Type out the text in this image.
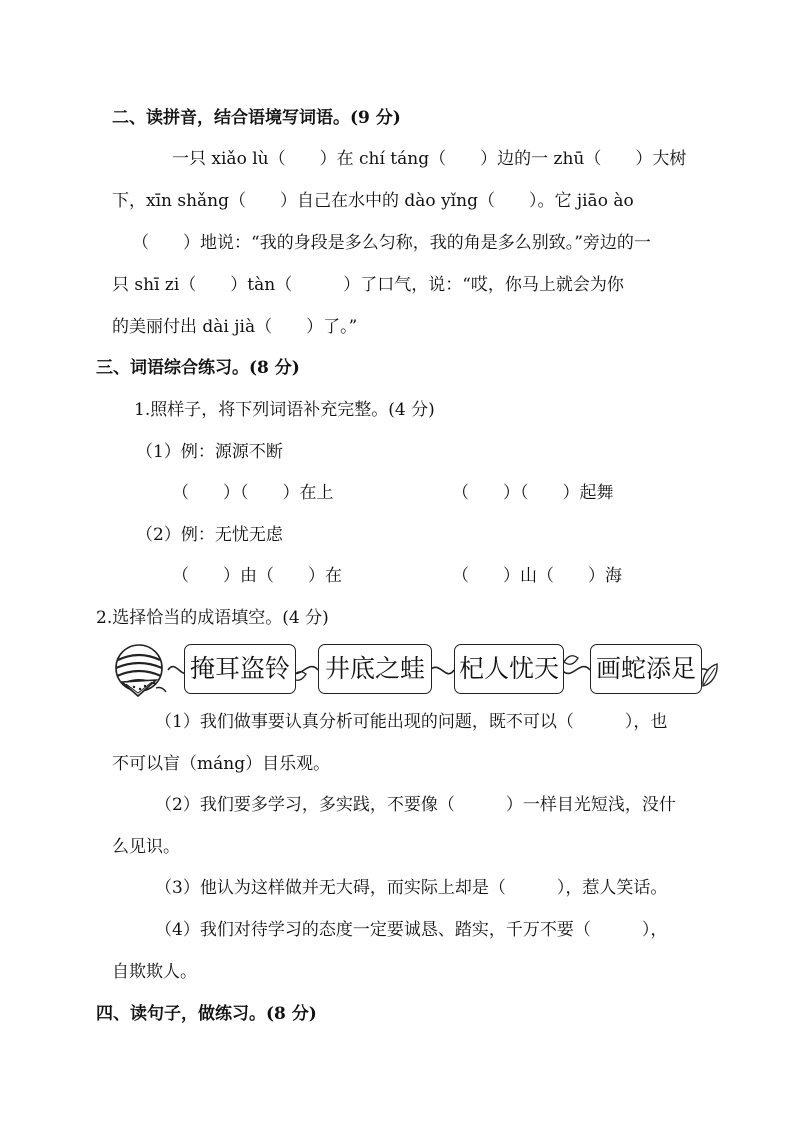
二、读拼音，结合语境写词语。(9 分)
一只 xiǎo lù（　　）在 chí táng（　　）边的一 zhū（　　）大树
下，xīn shǎng（　　）自己在水中的 dào yǐng（　　）。它 jiāo ào
（　　）地说：“我的身段是多么匀称，我的角是多么别致。”旁边的一
只 shī zi（　　）tàn（　　　）了口气，说：“哎，你马上就会为你
的美丽付出 dài jià（　　）了。”
三、词语综合练习。(8 分)
1.照样子，将下列词语补充完整。(4 分)
（1）例：源源不断
（　　）（　　）在上	（　　）（　　）起舞
（2）例：无忧无虑
（　　）由（　　）在	（　　）山（　　）海
2.选择恰当的成语填空。(4 分)
掩耳盗铃 井底之蛙 杞人忧天 画蛇添足
（1）我们做事要认真分析可能出现的问题，既不可以（　　　），也
不可以盲（máng）目乐观。
（2）我们要多学习，多实践，不要像（　　　）一样目光短浅，没什
么见识。
（3）他认为这样做并无大碍，而实际上却是（　　　），惹人笑话。
（4）我们对待学习的态度一定要诚恳、踏实，千万不要（　　　），
自欺欺人。
四、读句子，做练习。(8 分)
